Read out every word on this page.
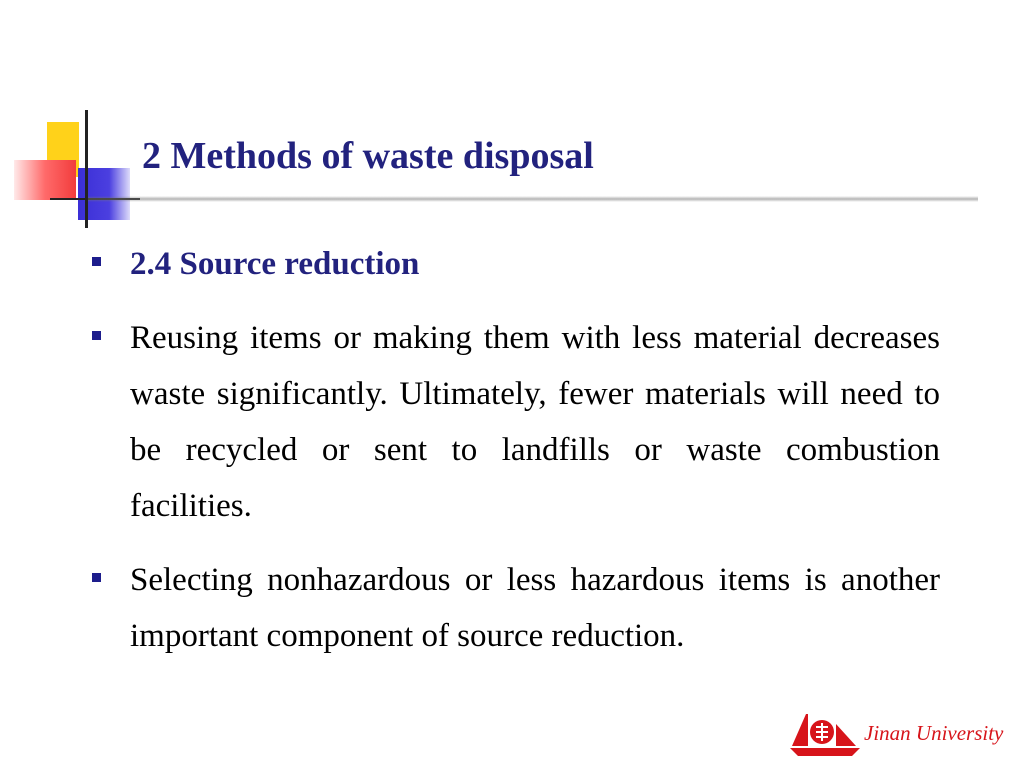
2 Methods of waste disposal
2.4 Source reduction
Reusing items or making them with less material decreases waste significantly. Ultimately, fewer materials will need to be recycled or sent to landfills or waste combustion facilities.
Selecting nonhazardous or less hazardous items is another important component of source reduction.
Jinan University
